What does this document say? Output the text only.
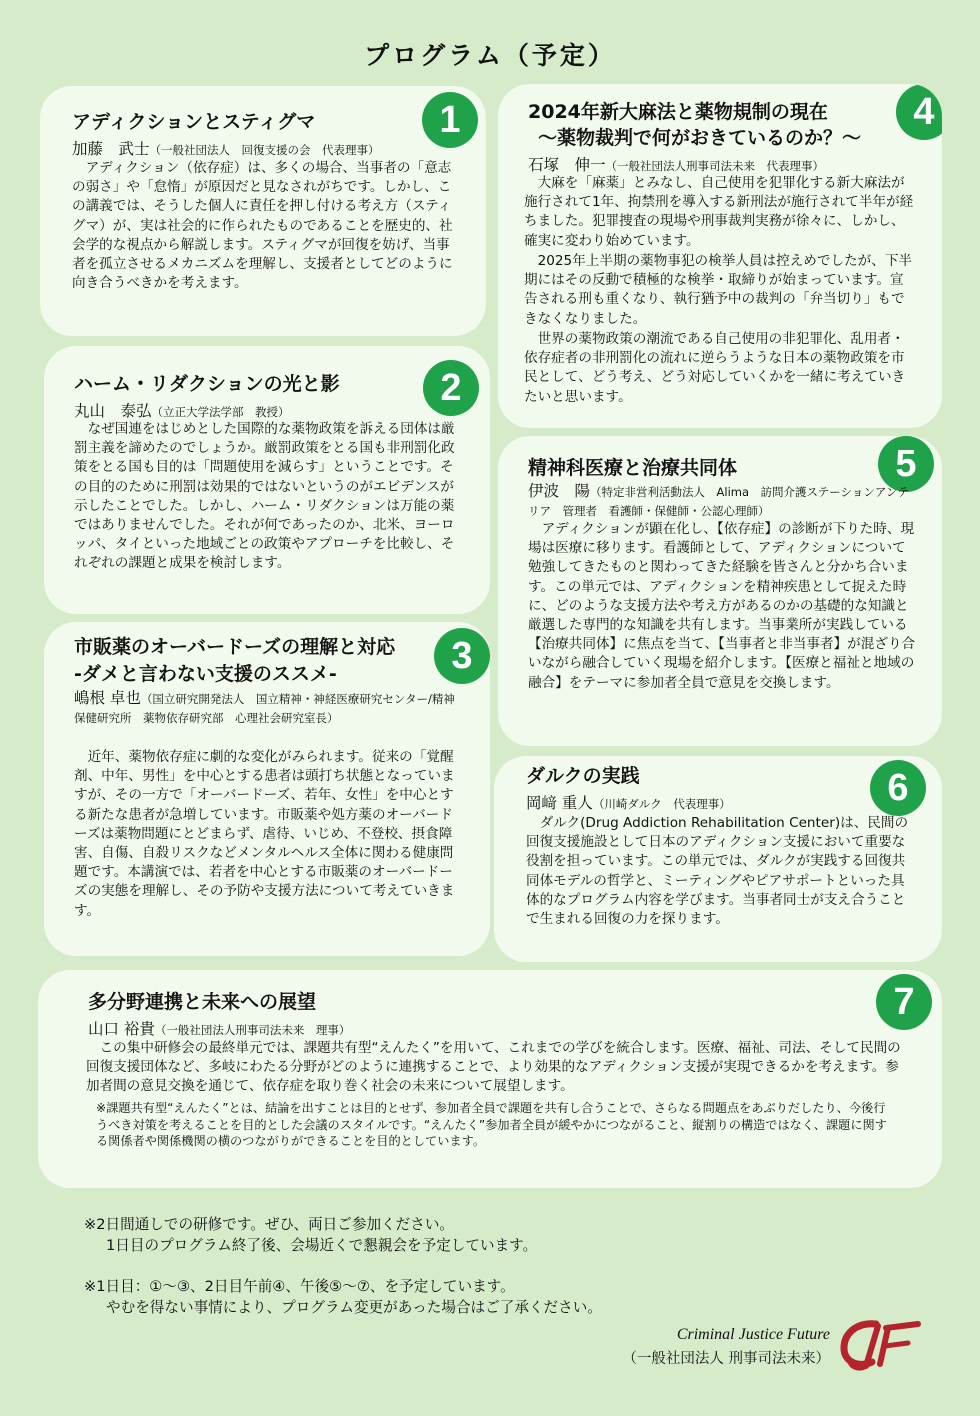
プログラム（予定）
1
アディクションとスティグマ
加藤　武士（一般社団法人　回復支援の会　代表理事）
アディクション（依存症）は、多くの場合、当事者の「意志の弱さ」や「怠惰」が原因だと見なされがちです。しかし、この講義では、そうした個人に責任を押し付ける考え方（スティグマ）が、実は社会的に作られたものであることを歴史的、社会学的な視点から解説します。スティグマが回復を妨げ、当事者を孤立させるメカニズムを理解し、支援者としてどのように向き合うべきかを考えます。
2
ハーム・リダクションの光と影
丸山　泰弘（立正大学法学部　教授）
なぜ国連をはじめとした国際的な薬物政策を訴える団体は厳罰主義を諦めたのでしょうか。厳罰政策をとる国も非刑罰化政策をとる国も目的は「問題使用を減らす」ということです。その目的のために刑罰は効果的ではないというのがエビデンスが示したことでした。しかし、ハーム・リダクションは万能の薬ではありませんでした。それが何であったのか、北米、ヨーロッパ、タイといった地域ごとの政策やアプローチを比較し、それぞれの課題と成果を検討します。
3
市販薬のオーバードーズの理解と対応
-ダメと言わない支援のススメ-
嶋根 卓也（国立研究開発法人　国立精神・神経医療研究センター/精神保健研究所　薬物依存研究部　心理社会研究室長）
近年、薬物依存症に劇的な変化がみられます。従来の「覚醒剤、中年、男性」を中心とする患者は頭打ち状態となっていますが、その一方で「オーバードーズ、若年、女性」を中心とする新たな患者が急増しています。市販薬や処方薬のオーバードーズは薬物問題にとどまらず、虐待、いじめ、不登校、摂食障害、自傷、自殺リスクなどメンタルヘルス全体に関わる健康問題です。本講演では、若者を中心とする市販薬のオーバードーズの実態を理解し、その予防や支援方法について考えていきます。
4
2024年新大麻法と薬物規制の現在
～薬物裁判で何がおきているのか？～
石塚　伸一（一般社団法人刑事司法未来　代表理事）
大麻を「麻薬」とみなし、自己使用を犯罪化する新大麻法が施行されて1年、拘禁刑を導入する新刑法が施行されて半年が経ちました。犯罪捜査の現場や刑事裁判実務が徐々に、しかし、確実に変わり始めています。
2025年上半期の薬物事犯の検挙人員は控えめでしたが、下半期にはその反動で積極的な検挙・取締りが始まっています。宣告される刑も重くなり、執行猶予中の裁判の「弁当切り」もできなくなりました。
世界の薬物政策の潮流である自己使用の非犯罪化、乱用者・依存症者の非刑罰化の流れに逆らうような日本の薬物政策を市民として、どう考え、どう対応していくかを一緒に考えていきたいと思います。
5
精神科医療と治療共同体
伊波　陽（特定非営利活動法人　Alima　訪問介護ステーションアンテリア　管理者　看護師・保健師・公認心理師）
アディクションが顕在化し、【依存症】の診断が下りた時、現場は医療に移ります。看護師として、アディクションについて勉強してきたものと関わってきた経験を皆さんと分かち合います。この単元では、アディクションを精神疾患として捉えた時に、どのような支援方法や考え方があるのかの基礎的な知識と厳選した専門的な知識を共有します。当事業所が実践している【治療共同体】に焦点を当て、【当事者と非当事者】が混ざり合いながら融合していく現場を紹介します。【医療と福祉と地域の融合】をテーマに参加者全員で意見を交換します。
6
ダルクの実践
岡﨑 重人（川崎ダルク　代表理事）
ダルク(Drug Addiction Rehabilitation Center)は、民間の回復支援施設として日本のアディクション支援において重要な役割を担っています。この単元では、ダルクが実践する回復共同体モデルの哲学と、ミーティングやピアサポートといった具体的なプログラム内容を学びます。当事者同士が支え合うことで生まれる回復の力を探ります。
7
多分野連携と未来への展望
山口 裕貴（一般社団法人刑事司法未来　理事）
この集中研修会の最終単元では、課題共有型“えんたく”を用いて、これまでの学びを統合します。医療、福祉、司法、そして民間の回復支援団体など、多岐にわたる分野がどのように連携することで、より効果的なアディクション支援が実現できるかを考えます。参加者間の意見交換を通じて、依存症を取り巻く社会の未来について展望します。
※課題共有型“えんたく”とは、結論を出すことは目的とせず、参加者全員で課題を共有し合うことで、さらなる問題点をあぶりだしたり、今後行うべき対策を考えることを目的とした会議のスタイルです。“えんたく”参加者全員が緩やかにつながること、縦割りの構造ではなく、課題に関する関係者や関係機関の横のつながりができることを目的としています。
※2日間通しでの研修です。ぜひ、両日ご参加ください。
1日目のプログラム終了後、会場近くで懇親会を予定しています。
※1日目：①～③、2日目午前④、午後⑤～⑦、を予定しています。
やむを得ない事情により、プログラム変更があった場合はご了承ください。
Criminal Justice Future
（一般社団法人 刑事司法未来）
